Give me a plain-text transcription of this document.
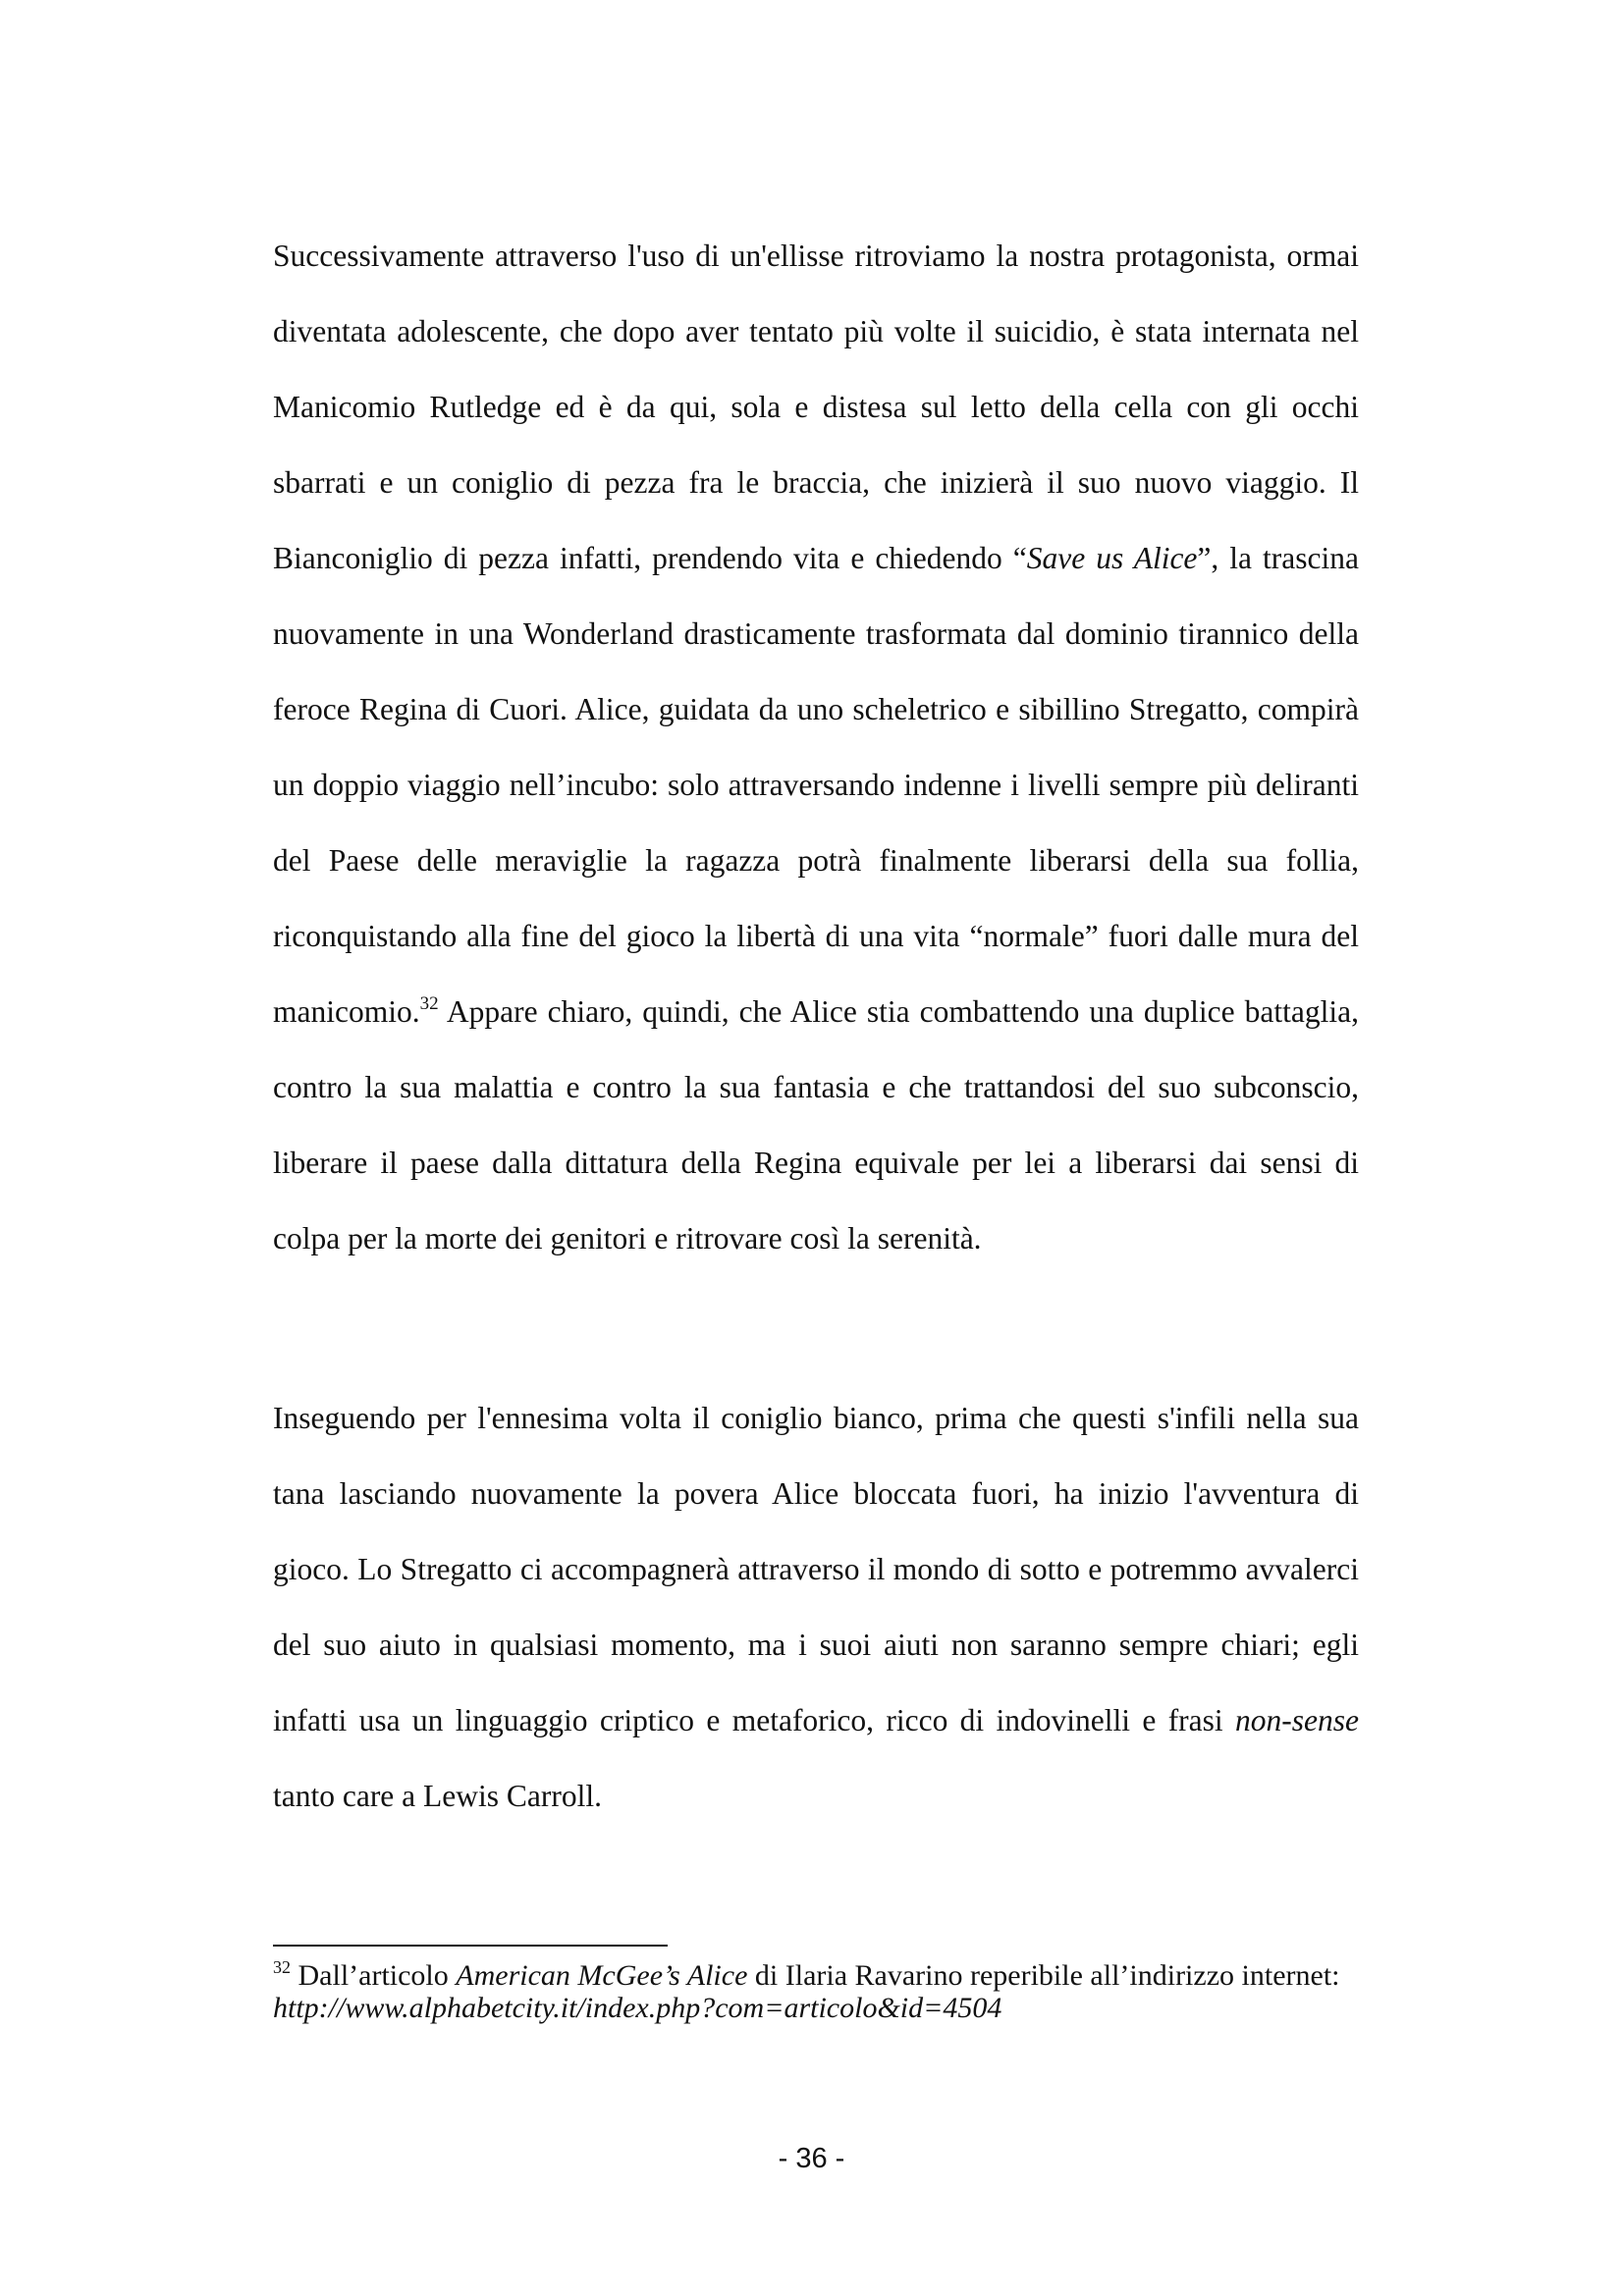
Successivamente attraverso l'uso di un'ellisse ritroviamo la nostra protagonista, ormai diventata adolescente, che dopo aver tentato più volte il suicidio, è stata internata nel Manicomio Rutledge ed è da qui, sola e distesa sul letto della cella con gli occhi sbarrati e un coniglio di pezza fra le braccia, che inizierà il suo nuovo viaggio. Il Bianconiglio di pezza infatti, prendendo vita e chiedendo “Save us Alice”, la trascina nuovamente in una Wonderland drasticamente trasformata dal dominio tirannico della feroce Regina di Cuori. Alice, guidata da uno scheletrico e sibillino Stregatto, compirà un doppio viaggio nell’incubo: solo attraversando indenne i livelli sempre più deliranti del Paese delle meraviglie la ragazza potrà finalmente liberarsi della sua follia, riconquistando alla fine del gioco la libertà di una vita “normale” fuori dalle mura del manicomio.$^{32}$ Appare chiaro, quindi, che Alice stia combattendo una duplice battaglia, contro la sua malattia e contro la sua fantasia e che trattandosi del suo subconscio, liberare il paese dalla dittatura della Regina equivale per lei a liberarsi dai sensi di colpa per la morte dei genitori e ritrovare così la serenità.

Inseguendo per l'ennesima volta il coniglio bianco, prima che questi s'infili nella sua tana lasciando nuovamente la povera Alice bloccata fuori, ha inizio l'avventura di gioco. Lo Stregatto ci accompagnerà attraverso il mondo di sotto e potremmo avvalerci del suo aiuto in qualsiasi momento, ma i suoi aiuti non saranno sempre chiari; egli infatti usa un linguaggio criptico e metaforico, ricco di indovinelli e frasi non-sense tanto care a Lewis Carroll.

$^{32}$ Dall’articolo American McGee’s Alice di Ilaria Ravarino reperibile all’indirizzo internet:
http://www.alphabetcity.it/index.php?com=articolo&id=4504

- 36 -
